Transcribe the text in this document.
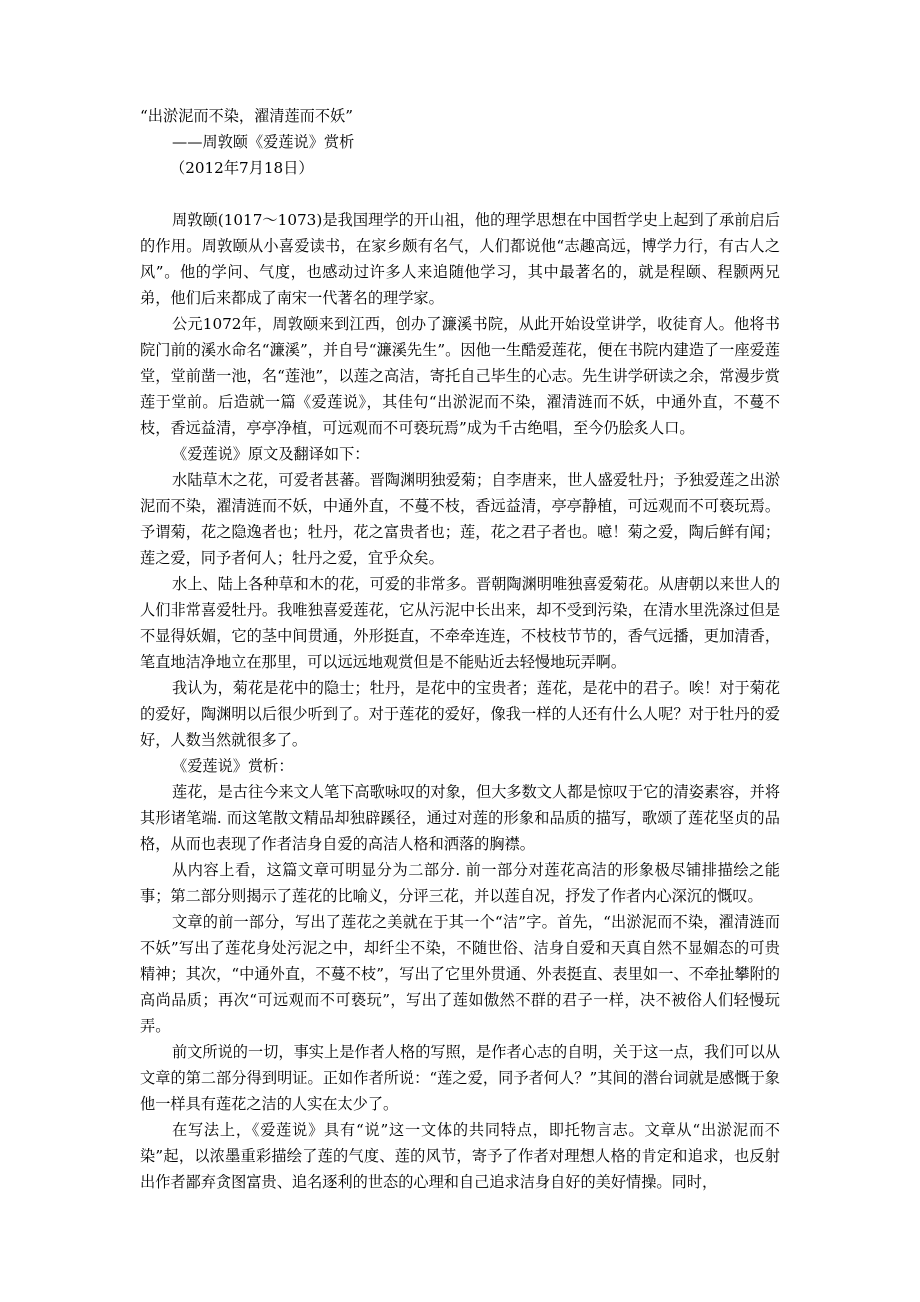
“出淤泥而不染，濯清莲而不妖”
——周敦颐《爱莲说》赏析
（2012年7月18日）

周敦颐(1017～1073)是我国理学的开山祖，他的理学思想在中国哲学史上起到了承前启后的作用。周敦颐从小喜爱读书，在家乡颇有名气，人们都说他“志趣高远，博学力行，有古人之风”。他的学问、气度，也感动过许多人来追随他学习，其中最著名的，就是程颐、程颢两兄弟，他们后来都成了南宋一代著名的理学家。

公元1072年，周敦颐来到江西，创办了濂溪书院，从此开始设堂讲学，收徒育人。他将书院门前的溪水命名“濂溪”，并自号“濂溪先生”。因他一生酷爱莲花，便在书院内建造了一座爱莲堂，堂前凿一池，名“莲池”，以莲之高洁，寄托自己毕生的心志。先生讲学研读之余，常漫步赏莲于堂前。后造就一篇《爱莲说》，其佳句“出淤泥而不染，濯清涟而不妖，中通外直，不蔓不枝，香远益清，亭亭净植，可远观而不可亵玩焉”成为千古绝唱，至今仍脍炙人口。

《爱莲说》原文及翻译如下：

水陆草木之花，可爱者甚蕃。晋陶渊明独爱菊；自李唐来，世人盛爱牡丹；予独爱莲之出淤泥而不染，濯清涟而不妖，中通外直，不蔓不枝，香远益清，亭亭静植，可远观而不可亵玩焉。予谓菊，花之隐逸者也；牡丹，花之富贵者也；莲，花之君子者也。噫！菊之爱，陶后鲜有闻；莲之爱，同予者何人；牡丹之爱，宜乎众矣。

水上、陆上各种草和木的花，可爱的非常多。晋朝陶渊明唯独喜爱菊花。从唐朝以来世人的人们非常喜爱牡丹。我唯独喜爱莲花，它从污泥中长出来，却不受到污染，在清水里洗涤过但是不显得妖媚，它的茎中间贯通，外形挺直，不牵牵连连，不枝枝节节的，香气远播，更加清香，笔直地洁净地立在那里，可以远远地观赏但是不能贴近去轻慢地玩弄啊。

我认为，菊花是花中的隐士；牡丹，是花中的宝贵者；莲花，是花中的君子。唉！对于菊花的爱好，陶渊明以后很少听到了。对于莲花的爱好，像我一样的人还有什么人呢？对于牡丹的爱好，人数当然就很多了。

《爱莲说》赏析：

莲花，是古往今来文人笔下高歌咏叹的对象，但大多数文人都是惊叹于它的清姿素容，并将其形诸笔端. 而这笔散文精品却独辟蹊径，通过对莲的形象和品质的描写，歌颂了莲花坚贞的品格，从而也表现了作者洁身自爱的高洁人格和洒落的胸襟。

从内容上看，这篇文章可明显分为二部分. 前一部分对莲花高洁的形象极尽铺排描绘之能事；第二部分则揭示了莲花的比喻义，分评三花，并以莲自况，抒发了作者内心深沉的慨叹。

文章的前一部分，写出了莲花之美就在于其一个“洁”字。首先，“出淤泥而不染，濯清涟而不妖”写出了莲花身处污泥之中，却纤尘不染，不随世俗、洁身自爱和天真自然不显媚态的可贵精神；其次，“中通外直，不蔓不枝”，写出了它里外贯通、外表挺直、表里如一、不牵扯攀附的高尚品质；再次“可远观而不可亵玩”，写出了莲如傲然不群的君子一样，决不被俗人们轻慢玩弄。

前文所说的一切，事实上是作者人格的写照，是作者心志的自明，关于这一点，我们可以从文章的第二部分得到明证。正如作者所说：“莲之爱，同予者何人？”其间的潜台词就是感慨于象他一样具有莲花之洁的人实在太少了。

在写法上，《爱莲说》具有“说”这一文体的共同特点，即托物言志。文章从“出淤泥而不染”起，以浓墨重彩描绘了莲的气度、莲的风节，寄予了作者对理想人格的肯定和追求，也反射出作者鄙弃贪图富贵、追名逐利的世态的心理和自己追求洁身自好的美好情操。同时，
